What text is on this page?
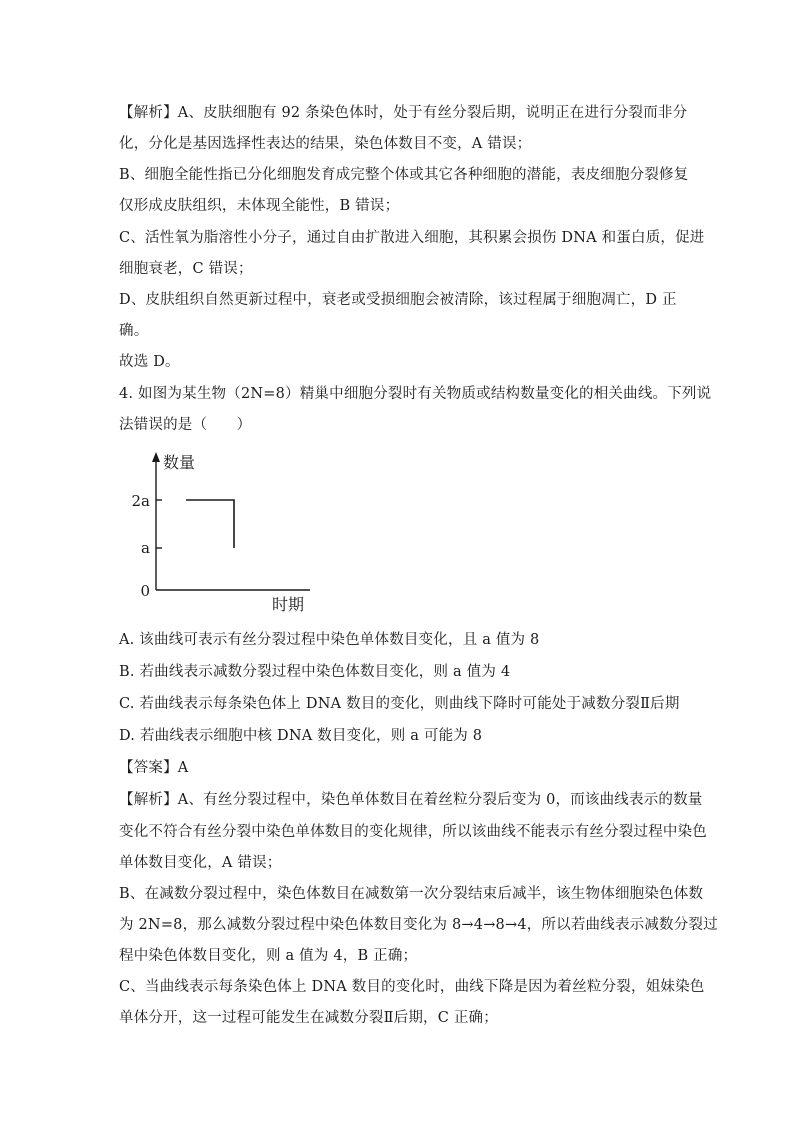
【解析】A、皮肤细胞有 92 条染色体时，处于有丝分裂后期，说明正在进行分裂而非分
化，分化是基因选择性表达的结果，染色体数目不变，A 错误；
B、细胞全能性指已分化细胞发育成完整个体或其它各种细胞的潜能，表皮细胞分裂修复
仅形成皮肤组织，未体现全能性，B 错误；
C、活性氧为脂溶性小分子，通过自由扩散进入细胞，其积累会损伤 DNA 和蛋白质，促进
细胞衰老，C 错误；
D、皮肤组织自然更新过程中，衰老或受损细胞会被清除，该过程属于细胞凋亡，D 正
确。
故选 D。
4. 如图为某生物（2N=8）精巢中细胞分裂时有关物质或结构数量变化的相关曲线。下列说
法错误的是（　　）
数量
2a
a
0
时期
A. 该曲线可表示有丝分裂过程中染色单体数目变化，且 a 值为 8
B. 若曲线表示减数分裂过程中染色体数目变化，则 a 值为 4
C. 若曲线表示每条染色体上 DNA 数目的变化，则曲线下降时可能处于减数分裂Ⅱ后期
D. 若曲线表示细胞中核 DNA 数目变化，则 a 可能为 8
【答案】A
【解析】A、有丝分裂过程中，染色单体数目在着丝粒分裂后变为 0，而该曲线表示的数量
变化不符合有丝分裂中染色单体数目的变化规律，所以该曲线不能表示有丝分裂过程中染色
单体数目变化，A 错误；
B、在减数分裂过程中，染色体数目在减数第一次分裂结束后减半，该生物体细胞染色体数
为 2N=8，那么减数分裂过程中染色体数目变化为 8→4→8→4，所以若曲线表示减数分裂过
程中染色体数目变化，则 a 值为 4，B 正确；
C、当曲线表示每条染色体上 DNA 数目的变化时，曲线下降是因为着丝粒分裂，姐妹染色
单体分开，这一过程可能发生在减数分裂Ⅱ后期，C 正确；
